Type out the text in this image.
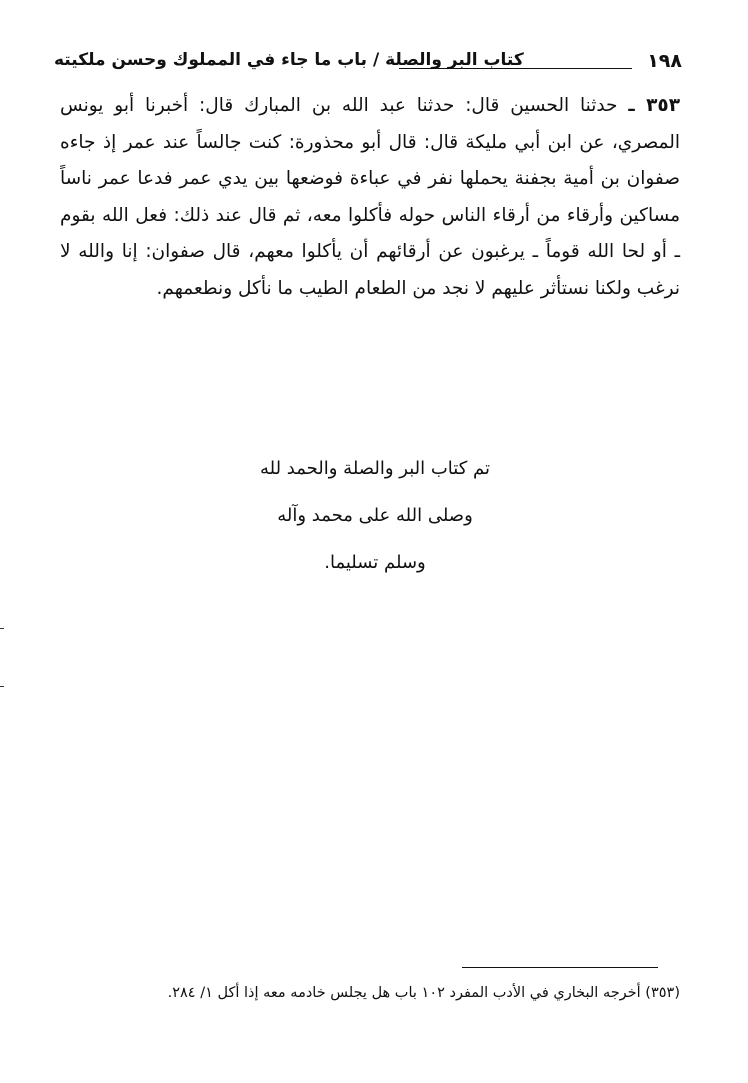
١٩٨
كتاب البر والصلة / باب ما جاء في المملوك وحسن ملكيته

٣٥٣ ـ حدثنا الحسين قال: حدثنا عبد الله بن المبارك قال: أخبرنا أبو يونس المصري، عن ابن أبي مليكة قال: قال أبو محذورة: كنت جالساً عند عمر إذ جاءه صفوان بن أمية بجفنة يحملها نفر في عباءة فوضعها بين يدي عمر فدعا عمر ناساً مساكين وأرقاء من أرقاء الناس حوله فأكلوا معه، ثم قال عند ذلك: فعل الله بقوم ـ أو لحا الله قوماً ـ يرغبون عن أرقائهم أن يأكلوا معهم، قال صفوان: إنا والله لا نرغب ولكنا نستأثر عليهم لا نجد من الطعام الطيب ما نأكل ونطعمهم.

تم كتاب البر والصلة والحمد لله
وصلى الله على محمد وآله
وسلم تسليما.
(٣٥٣) أخرجه البخاري في الأدب المفرد ١٠٢ باب هل يجلس خادمه معه إذا أكل ١/ ٢٨٤.
